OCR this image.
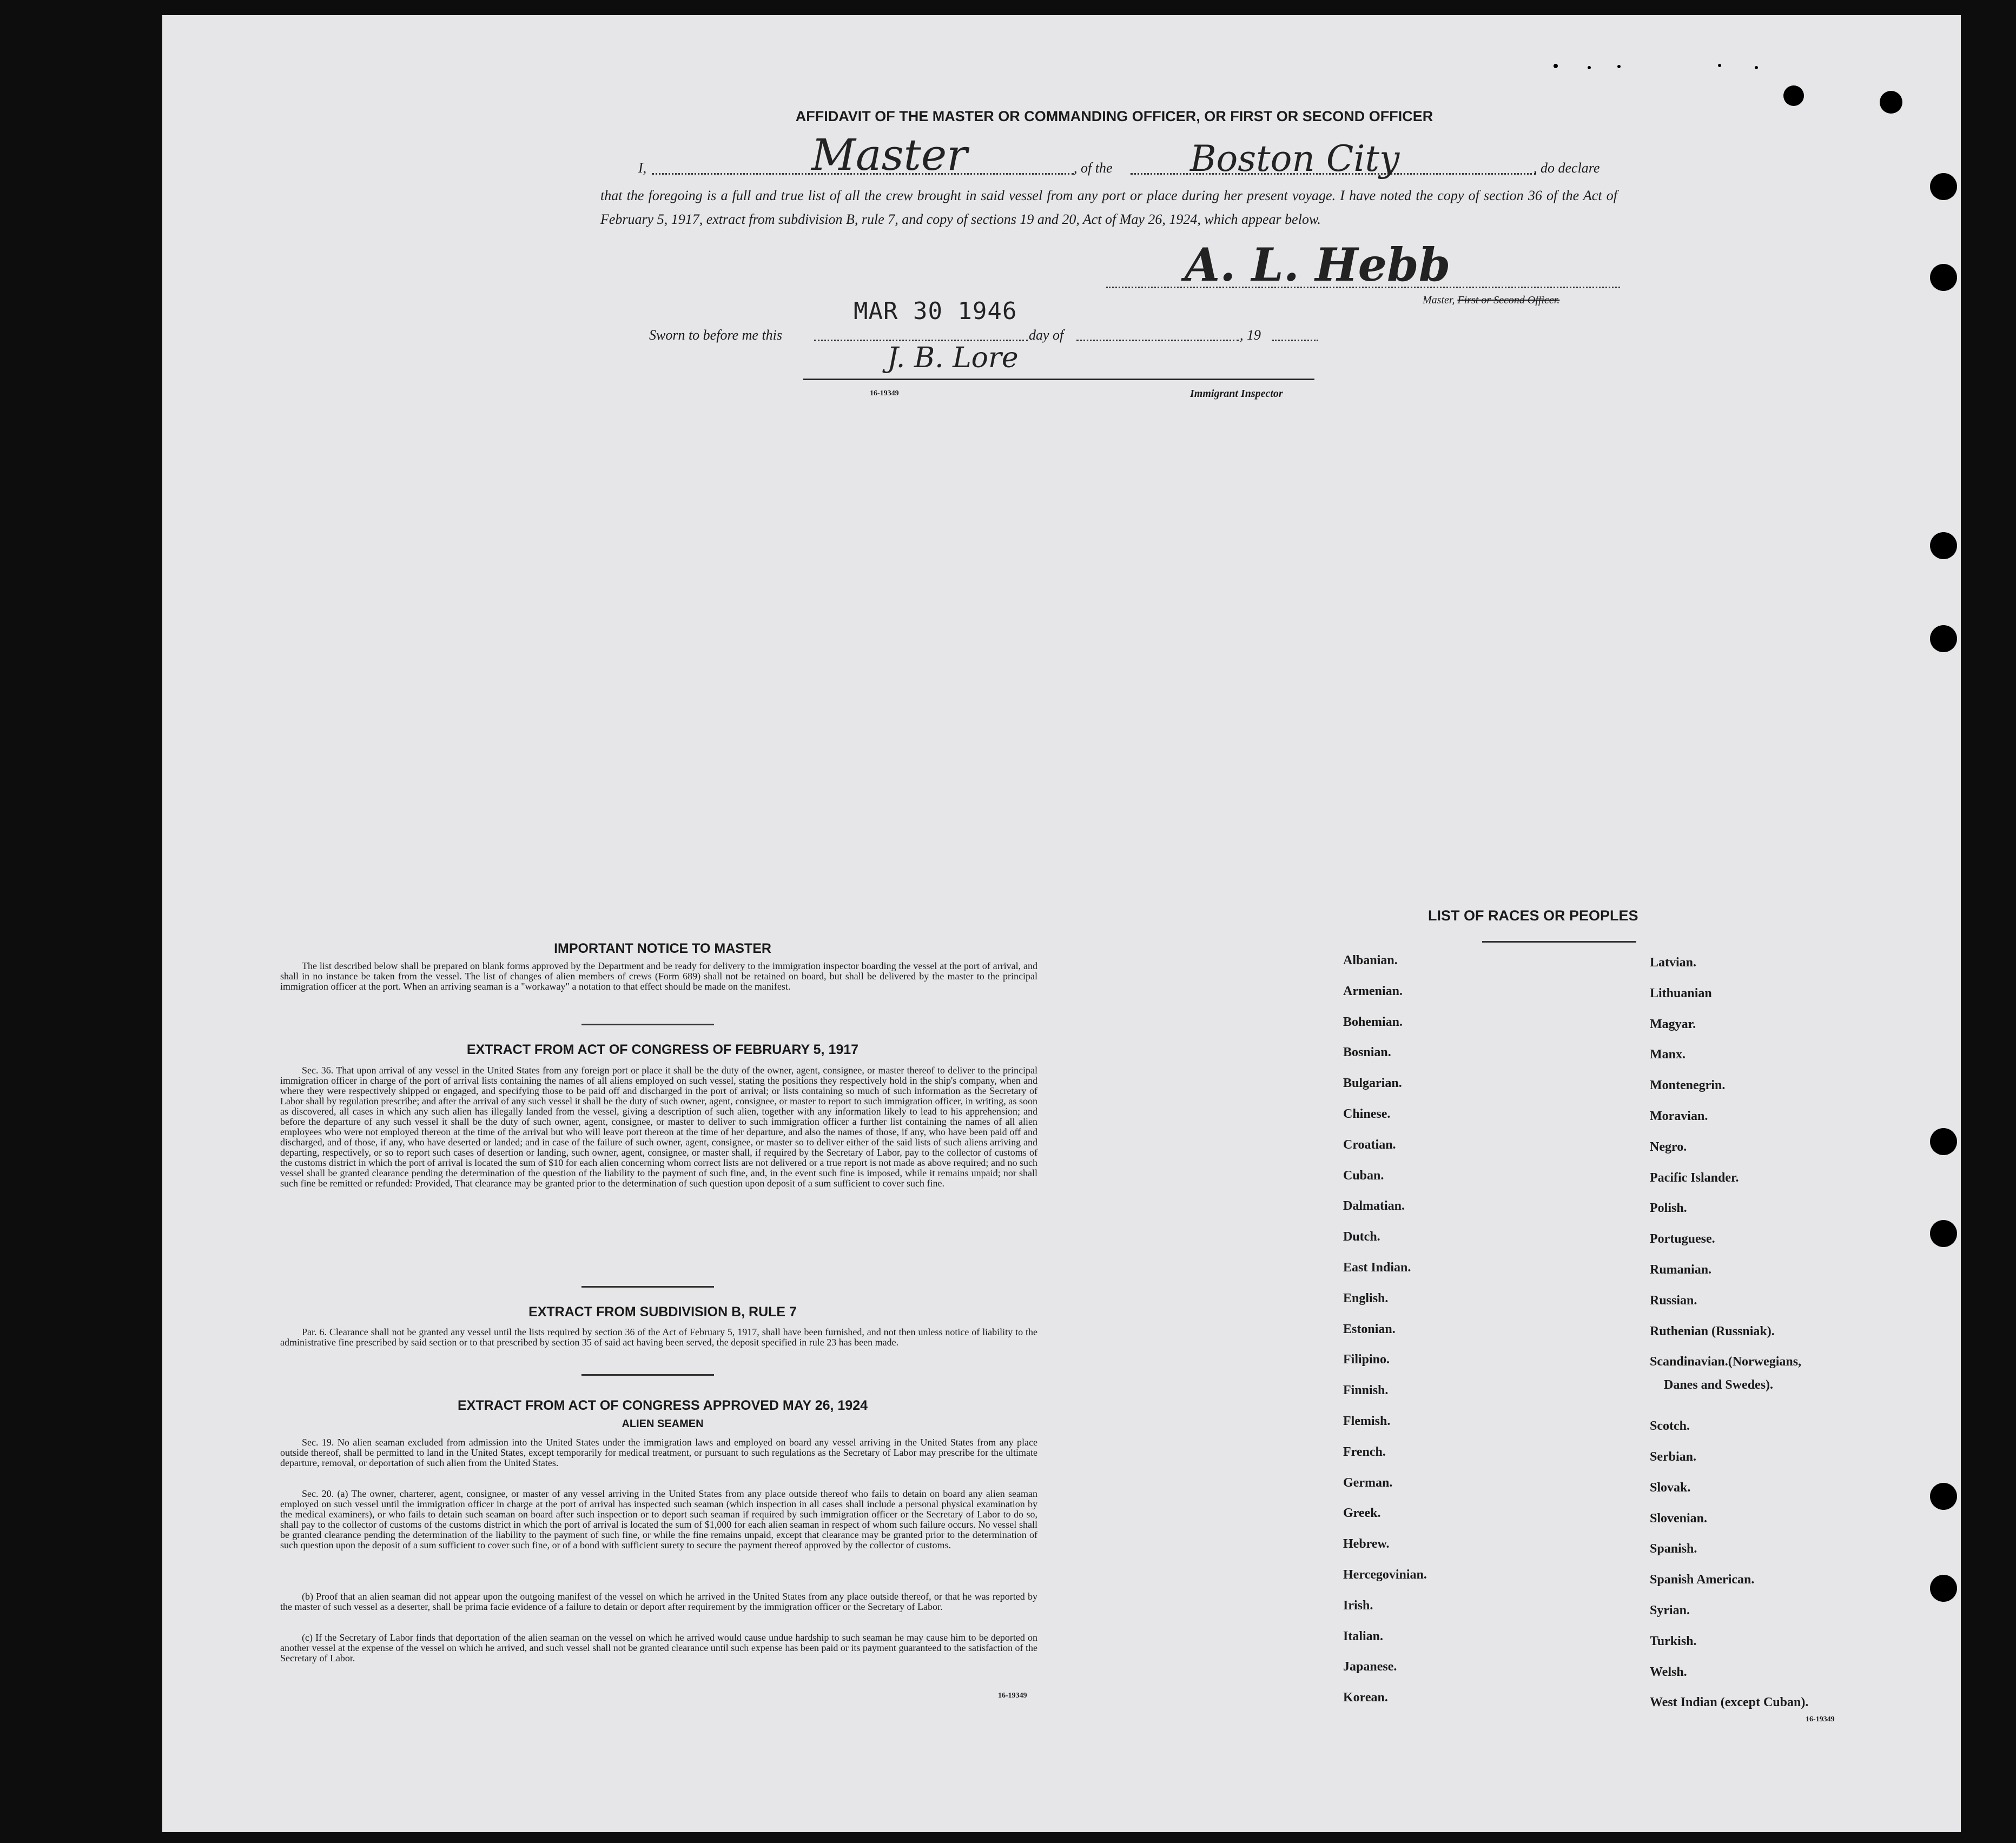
AFFIDAVIT OF THE MASTER OR COMMANDING OFFICER, OR FIRST OR SECOND OFFICER
I,	Master	, of the Boston City	, do declare
that the foregoing is a full and true list of all the crew brought in said vessel from any port or place during her present voyage. I have noted the copy of section 36 of the Act of February 5, 1917, extract from subdivision B, rule 7, and copy of sections 19 and 20, Act of May 26, 1924, which appear below.
A. L. Hebb
Master, First or Second Officer.
MAR 30 1946
Sworn to before me this	day of	, 19
J. B. Lore
16-19349	Immigrant Inspector
IMPORTANT NOTICE TO MASTER
The list described below shall be prepared on blank forms approved by the Department and be ready for delivery to the immigration inspector boarding the vessel at the port of arrival, and shall in no instance be taken from the vessel. The list of changes of alien members of crews (Form 689) shall not be retained on board, but shall be delivered by the master to the principal immigration officer at the port. When an arriving seaman is a "workaway" a notation to that effect should be made on the manifest.
EXTRACT FROM ACT OF CONGRESS OF FEBRUARY 5, 1917
Sec. 36. That upon arrival of any vessel in the United States from any foreign port or place it shall be the duty of the owner, agent, consignee, or master thereof to deliver to the principal immigration officer in charge of the port of arrival lists containing the names of all aliens employed on such vessel, stating the positions they respectively hold in the ship's company, when and where they were respectively shipped or engaged, and specifying those to be paid off and discharged in the port of arrival; or lists containing so much of such information as the Secretary of Labor shall by regulation prescribe; and after the arrival of any such vessel it shall be the duty of such owner, agent, consignee, or master to report to such immigration officer, in writing, as soon as discovered, all cases in which any such alien has illegally landed from the vessel, giving a description of such alien, together with any information likely to lead to his apprehension; and before the departure of any such vessel it shall be the duty of such owner, agent, consignee, or master to deliver to such immigration officer a further list containing the names of all alien employees who were not employed thereon at the time of the arrival but who will leave port thereon at the time of her departure, and also the names of those, if any, who have been paid off and discharged, and of those, if any, who have deserted or landed; and in case of the failure of such owner, agent, consignee, or master so to deliver either of the said lists of such aliens arriving and departing, respectively, or so to report such cases of desertion or landing, such owner, agent, consignee, or master shall, if required by the Secretary of Labor, pay to the collector of customs of the customs district in which the port of arrival is located the sum of $10 for each alien concerning whom correct lists are not delivered or a true report is not made as above required; and no such vessel shall be granted clearance pending the determination of the question of the liability to the payment of such fine, and, in the event such fine is imposed, while it remains unpaid; nor shall such fine be remitted or refunded: Provided, That clearance may be granted prior to the determination of such question upon deposit of a sum sufficient to cover such fine.
EXTRACT FROM SUBDIVISION B, RULE 7
Par. 6. Clearance shall not be granted any vessel until the lists required by section 36 of the Act of February 5, 1917, shall have been furnished, and not then unless notice of liability to the administrative fine prescribed by said section or to that prescribed by section 35 of said act having been served, the deposit specified in rule 23 has been made.
EXTRACT FROM ACT OF CONGRESS APPROVED MAY 26, 1924
ALIEN SEAMEN
Sec. 19. No alien seaman excluded from admission into the United States under the immigration laws and employed on board any vessel arriving in the United States from any place outside thereof, shall be permitted to land in the United States, except temporarily for medical treatment, or pursuant to such regulations as the Secretary of Labor may prescribe for the ultimate departure, removal, or deportation of such alien from the United States.
Sec. 20. (a) The owner, charterer, agent, consignee, or master of any vessel arriving in the United States from any place outside thereof who fails to detain on board any alien seaman employed on such vessel until the immigration officer in charge at the port of arrival has inspected such seaman (which inspection in all cases shall include a personal physical examination by the medical examiners), or who fails to detain such seaman on board after such inspection or to deport such seaman if required by such immigration officer or the Secretary of Labor to do so, shall pay to the collector of customs of the customs district in which the port of arrival is located the sum of $1,000 for each alien seaman in respect of whom such failure occurs. No vessel shall be granted clearance pending the determination of the liability to the payment of such fine, or while the fine remains unpaid, except that clearance may be granted prior to the determination of such question upon the deposit of a sum sufficient to cover such fine, or of a bond with sufficient surety to secure the payment thereof approved by the collector of customs.
(b) Proof that an alien seaman did not appear upon the outgoing manifest of the vessel on which he arrived in the United States from any place outside thereof, or that he was reported by the master of such vessel as a deserter, shall be prima facie evidence of a failure to detain or deport after requirement by the immigration officer or the Secretary of Labor.
(c) If the Secretary of Labor finds that deportation of the alien seaman on the vessel on which he arrived would cause undue hardship to such seaman he may cause him to be deported on another vessel at the expense of the vessel on which he arrived, and such vessel shall not be granted clearance until such expense has been paid or its payment guaranteed to the satisfaction of the Secretary of Labor.
16-19349
LIST OF RACES OR PEOPLES
Albanian.
Armenian.
Bohemian.
Bosnian.
Bulgarian.
Chinese.
Croatian.
Cuban.
Dalmatian.
Dutch.
East Indian.
English.
Estonian.
Filipino.
Finnish.
Flemish.
French.
German.
Greek.
Hebrew.
Hercegovinian.
Irish.
Italian.
Japanese.
Korean.
Latvian.
Lithuanian
Magyar.
Manx.
Montenegrin.
Moravian.
Negro.
Pacific Islander.
Polish.
Portuguese.
Rumanian.
Russian.
Ruthenian (Russniak).
Scandinavian.(Norwegians,
Scotch.
Serbian.
Slovak.
Slovenian.
Spanish.
Spanish American.
Syrian.
Turkish.
Welsh.
West Indian (except Cuban).
Danes and Swedes).
16-19349
